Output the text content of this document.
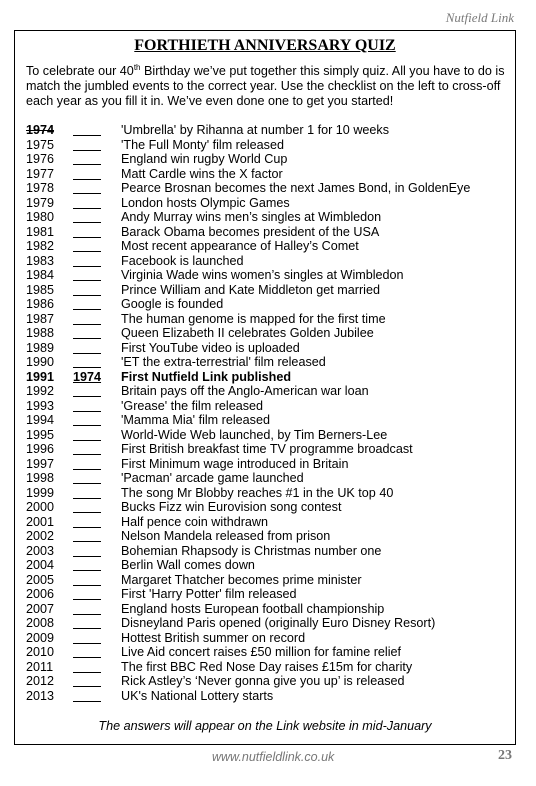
Nutfield Link
FORTHIETH ANNIVERSARY QUIZ

To celebrate our 40th Birthday we’ve put together this simply quiz. All you have to do is match the jumbled events to the correct year. Use the checklist on the left to cross-off each year as you fill it in. We’ve even done one to get you started!

1974	'Umbrella' by Rihanna at number 1 for 10 weeks
1975	'The Full Monty' film released
1976	England win rugby World Cup
1977	Matt Cardle wins the X factor
1978	Pearce Brosnan becomes the next James Bond, in GoldenEye
1979	London hosts Olympic Games
1980	Andy Murray wins men’s singles at Wimbledon
1981	Barack Obama becomes president of the USA
1982	Most recent appearance of Halley’s Comet
1983	Facebook is launched
1984	Virginia Wade wins women’s singles at Wimbledon
1985	Prince William and Kate Middleton get married
1986	Google is founded
1987	The human genome is mapped for the first time
1988	Queen Elizabeth II celebrates Golden Jubilee
1989	First YouTube video is uploaded
1990	'ET the extra-terrestrial' film released
1991 1974 First Nutfield Link published
1992	Britain pays off the Anglo-American war loan
1993	'Grease' the film released
1994	'Mamma Mia' film released
1995	World-Wide Web launched, by Tim Berners-Lee
1996	First British breakfast time TV programme broadcast
1997	First Minimum wage introduced in Britain
1998	'Pacman' arcade game launched
1999	The song Mr Blobby reaches #1 in the UK top 40
2000	Bucks Fizz win Eurovision song contest
2001	Half pence coin withdrawn
2002	Nelson Mandela released from prison
2003	Bohemian Rhapsody is Christmas number one
2004	Berlin Wall comes down
2005	Margaret Thatcher becomes prime minister
2006	First 'Harry Potter' film released
2007	England hosts European football championship
2008	Disneyland Paris opened (originally Euro Disney Resort)
2009	Hottest British summer on record
2010	Live Aid concert raises £50 million for famine relief
2011	The first BBC Red Nose Day raises £15m for charity
2012	Rick Astley’s ‘Never gonna give you up’ is released
2013	UK's National Lottery starts
The answers will appear on the Link website in mid-January
www.nutfieldlink.co.uk	23
